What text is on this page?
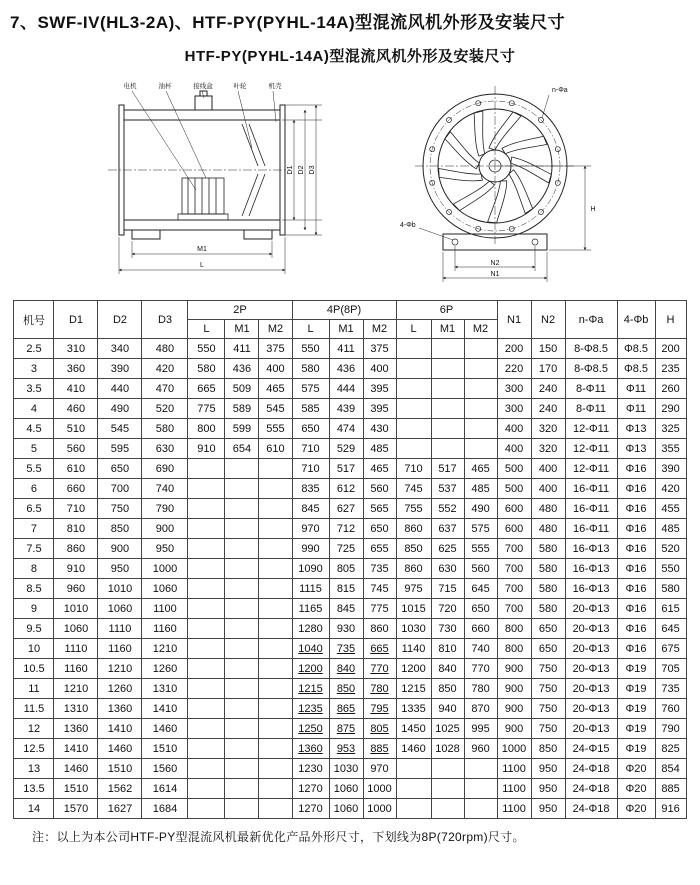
7、SWF-IV(HL3-2A)、HTF-PY(PYHL-14A)型混流风机外形及安装尺寸
HTF-PY(PYHL-14A)型混流风机外形及安装尺寸
电机	油杯	接线盒	叶轮	机壳
M1
L
D1 D2 D3
n-Φa
4-Φb
H
N2
N1
机号	D1	D2	D3	2P			4P(8P)			6P			N1	N2	n-Φa	4-Φb	H
				L	M1	M2	L	M1	M2	L	M1	M2					
2.5	310	340	480	550	411	375	550	411	375				200	150	8-Φ8.5	Φ8.5	200
3	360	390	420	580	436	400	580	436	400				220	170	8-Φ8.5	Φ8.5	235
3.5	410	440	470	665	509	465	575	444	395				300	240	8-Φ11	Φ11	260
4	460	490	520	775	589	545	585	439	395				300	240	8-Φ11	Φ11	290
4.5	510	545	580	800	599	555	650	474	430				400	320	12-Φ11	Φ13	325
5	560	595	630	910	654	610	710	529	485				400	320	12-Φ11	Φ13	355
5.5	610	650	690				710	517	465	710	517	465	500	400	12-Φ11	Φ16	390
6	660	700	740				835	612	560	745	537	485	500	400	16-Φ11	Φ16	420
6.5	710	750	790				845	627	565	755	552	490	600	480	16-Φ11	Φ16	455
7	810	850	900				970	712	650	860	637	575	600	480	16-Φ11	Φ16	485
7.5	860	900	950				990	725	655	850	625	555	700	580	16-Φ13	Φ16	520
8	910	950	1000				1090	805	735	860	630	560	700	580	16-Φ13	Φ16	550
8.5	960	1010	1060				1115	815	745	975	715	645	700	580	16-Φ13	Φ16	580
9	1010	1060	1100				1165	845	775	1015	720	650	700	580	20-Φ13	Φ16	615
9.5	1060	1110	1160				1280	930	860	1030	730	660	800	650	20-Φ13	Φ16	645
10	1110	1160	1210				1040	735	665	1140	810	740	800	650	20-Φ13	Φ16	675
10.5	1160	1210	1260				1200	840	770	1200	840	770	900	750	20-Φ13	Φ19	705
11	1210	1260	1310				1215	850	780	1215	850	780	900	750	20-Φ13	Φ19	735
11.5	1310	1360	1410				1235	865	795	1335	940	870	900	750	20-Φ13	Φ19	760
12	1360	1410	1460				1250	875	805	1450	1025	995	900	750	20-Φ13	Φ19	790
12.5	1410	1460	1510				1360	953	885	1460	1028	960	1000	850	24-Φ15	Φ19	825
13	1460	1510	1560				1230	1030	970				1100	950	24-Φ18	Φ20	854
13.5	1510	1562	1614				1270	1060	1000				1100	950	24-Φ18	Φ20	885
14	1570	1627	1684				1270	1060	1000				1100	950	24-Φ18	Φ20	916
注：以上为本公司HTF-PY型混流风机最新优化产品外形尺寸，下划线为8P(720rpm)尺寸。
